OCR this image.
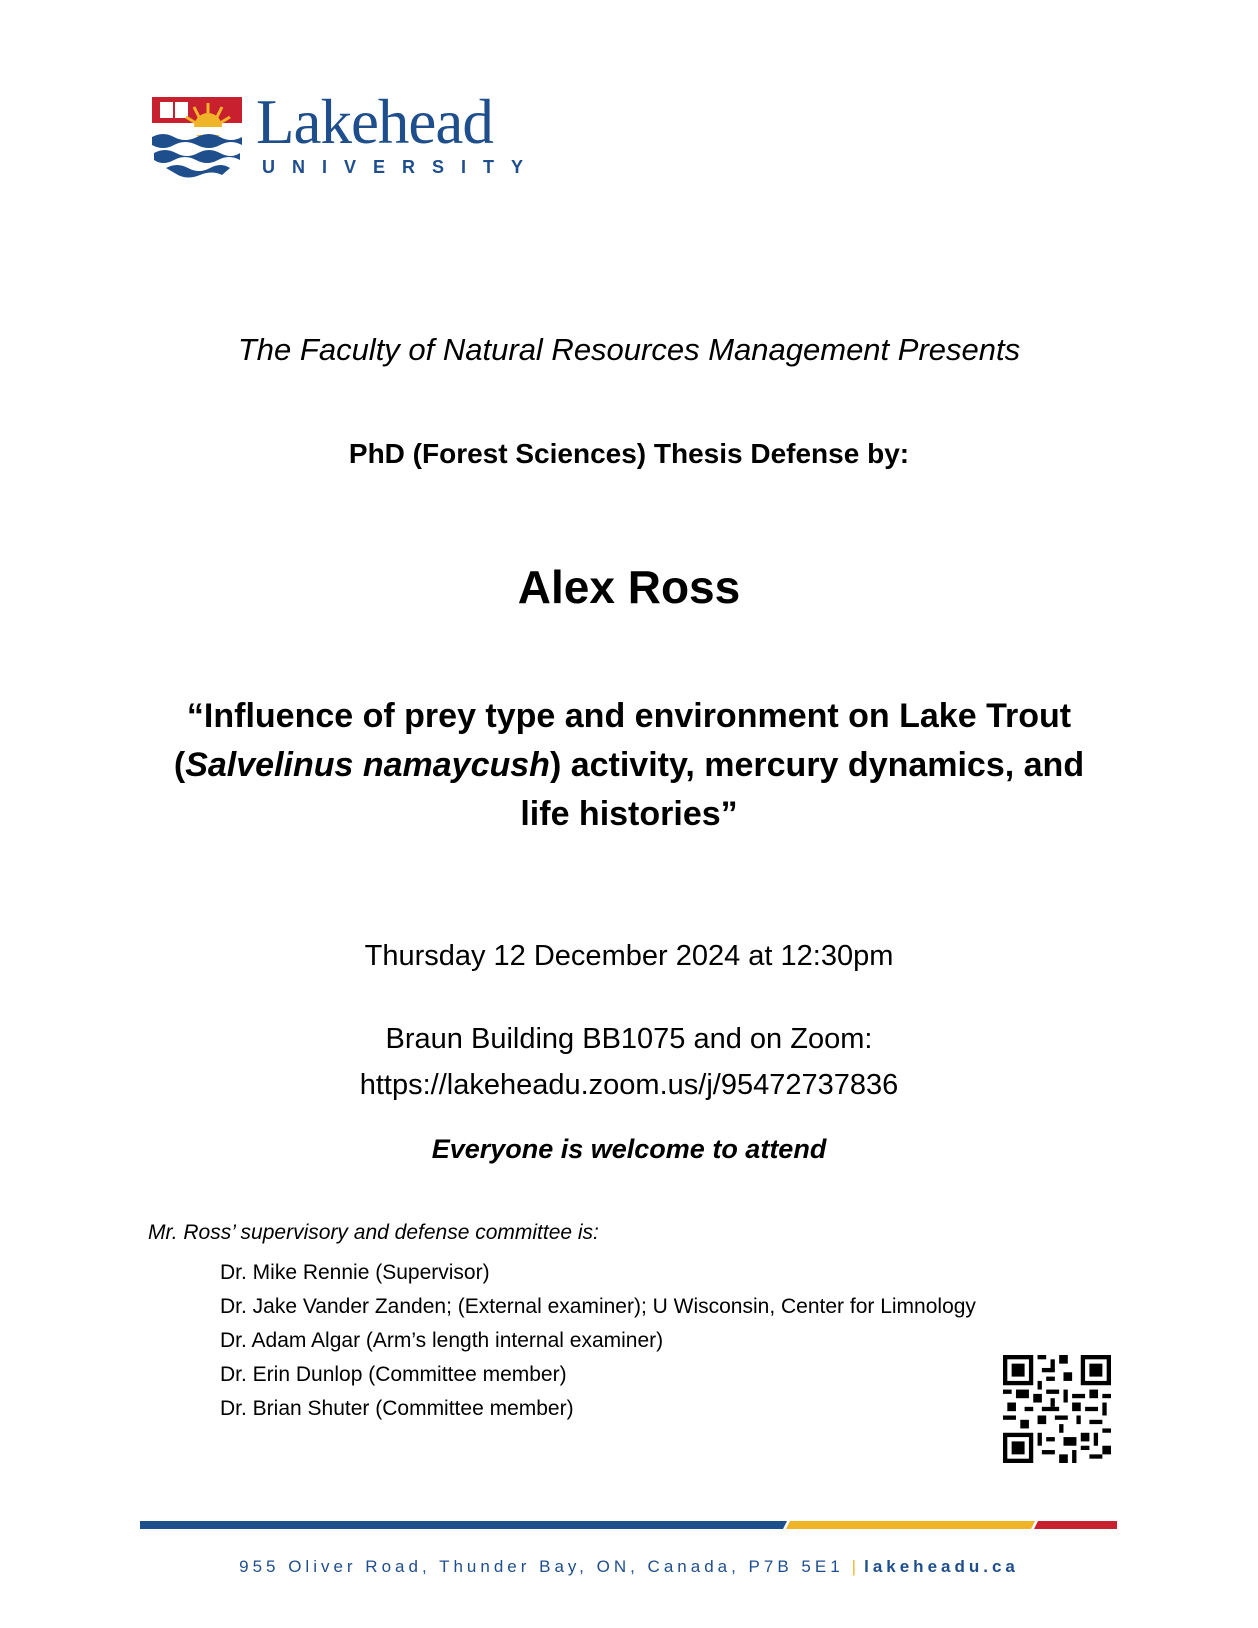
Lakehead
UNIVERSITY
The Faculty of Natural Resources Management Presents
PhD (Forest Sciences) Thesis Defense by:
Alex Ross
“Influence of prey type and environment on Lake Trout
(Salvelinus namaycush) activity, mercury dynamics, and
life histories”
Thursday 12 December 2024 at 12:30pm
Braun Building BB1075 and on Zoom:
https://lakeheadu.zoom.us/j/95472737836
Everyone is welcome to attend
Mr. Ross’ supervisory and defense committee is:
Dr. Mike Rennie (Supervisor)
Dr. Jake Vander Zanden; (External examiner); U Wisconsin, Center for Limnology
Dr. Adam Algar (Arm’s length internal examiner)
Dr. Erin Dunlop (Committee member)
Dr. Brian Shuter (Committee member)
955 Oliver Road, Thunder Bay, ON, Canada, P7B 5E1 | lakeheadu.ca
